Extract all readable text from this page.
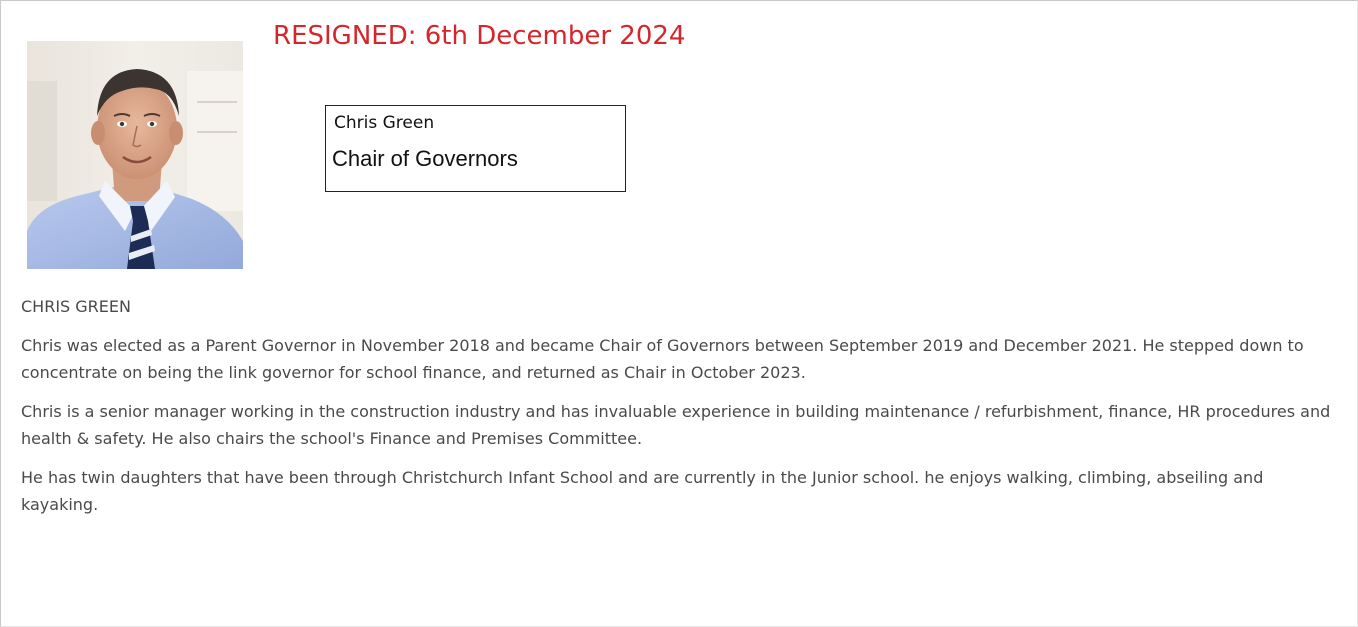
RESIGNED: 6th December 2024
Chris Green
Chair of Governors

CHRIS GREEN

Chris was elected as a Parent Governor in November 2018 and became Chair of Governors between September 2019 and December 2021. He stepped down to concentrate on being the link governor for school finance, and returned as Chair in October 2023.

Chris is a senior manager working in the construction industry and has invaluable experience in building maintenance / refurbishment, finance, HR procedures and health & safety. He also chairs the school's Finance and Premises Committee.

He has twin daughters that have been through Christchurch Infant School and are currently in the Junior school. he enjoys walking, climbing, abseiling and kayaking.
